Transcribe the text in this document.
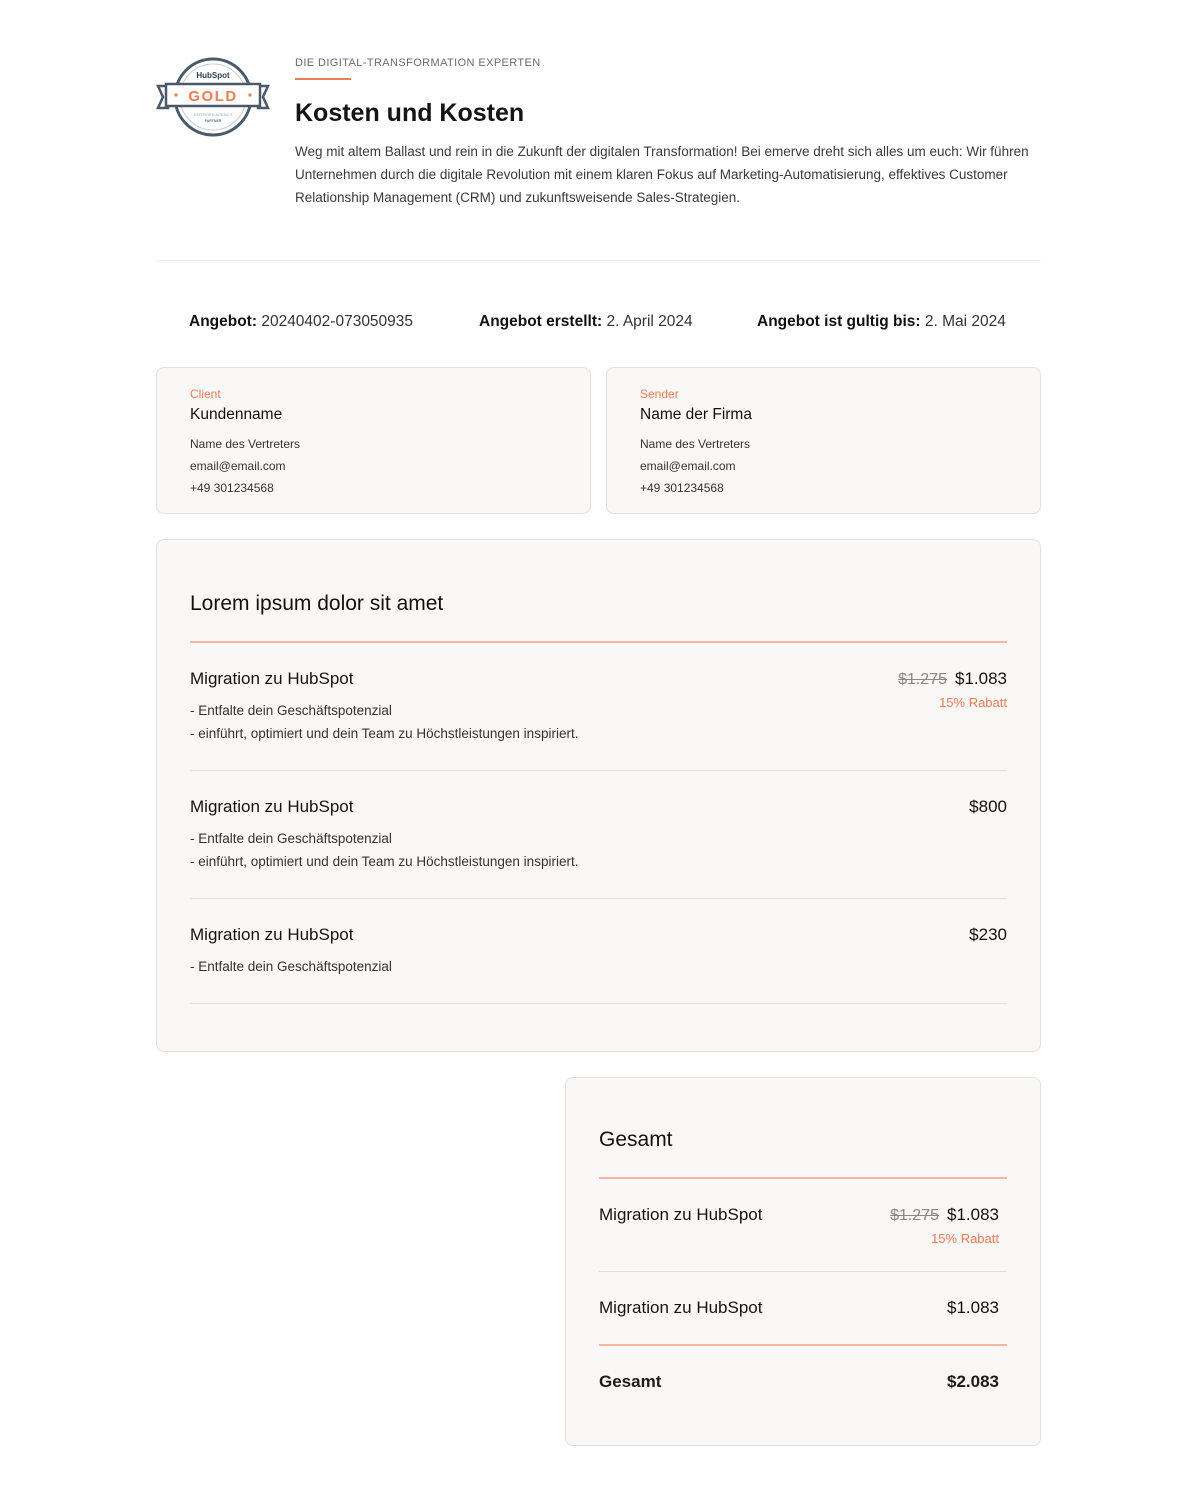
HubSpot
GOLD
CERTIFIED AGENCY
PARTNER
DIE DIGITAL-TRANSFORMATION EXPERTEN
Kosten und Kosten
Weg mit altem Ballast und rein in die Zukunft der digitalen Transformation! Bei emerve dreht sich alles um euch: Wir führen Unternehmen durch die digitale Revolution mit einem klaren Fokus auf Marketing-Automatisierung, effektives Customer Relationship Management (CRM) und zukunftsweisende Sales-Strategien.
Angebot: 20240402-073050935	Angebot erstellt: 2. April 2024	Angebot ist gultig bis: 2. Mai 2024
Client
Kundenname
Name des Vertreters
email@email.com
+49 301234568
Sender
Name der Firma
Name des Vertreters
email@email.com
+49 301234568
Lorem ipsum dolor sit amet
Migration zu HubSpot
- Entfalte dein Geschäftspotenzial
- einführt, optimiert und dein Team zu Höchstleistungen inspiriert.
$1.275 $1.083
15% Rabatt
Migration zu HubSpot
- Entfalte dein Geschäftspotenzial
- einführt, optimiert und dein Team zu Höchstleistungen inspiriert.
$800
Migration zu HubSpot
- Entfalte dein Geschäftspotenzial
$230
Gesamt
Migration zu HubSpot	$1.275 $1.083
15% Rabatt
Migration zu HubSpot	$1.083
Gesamt	$2.083
